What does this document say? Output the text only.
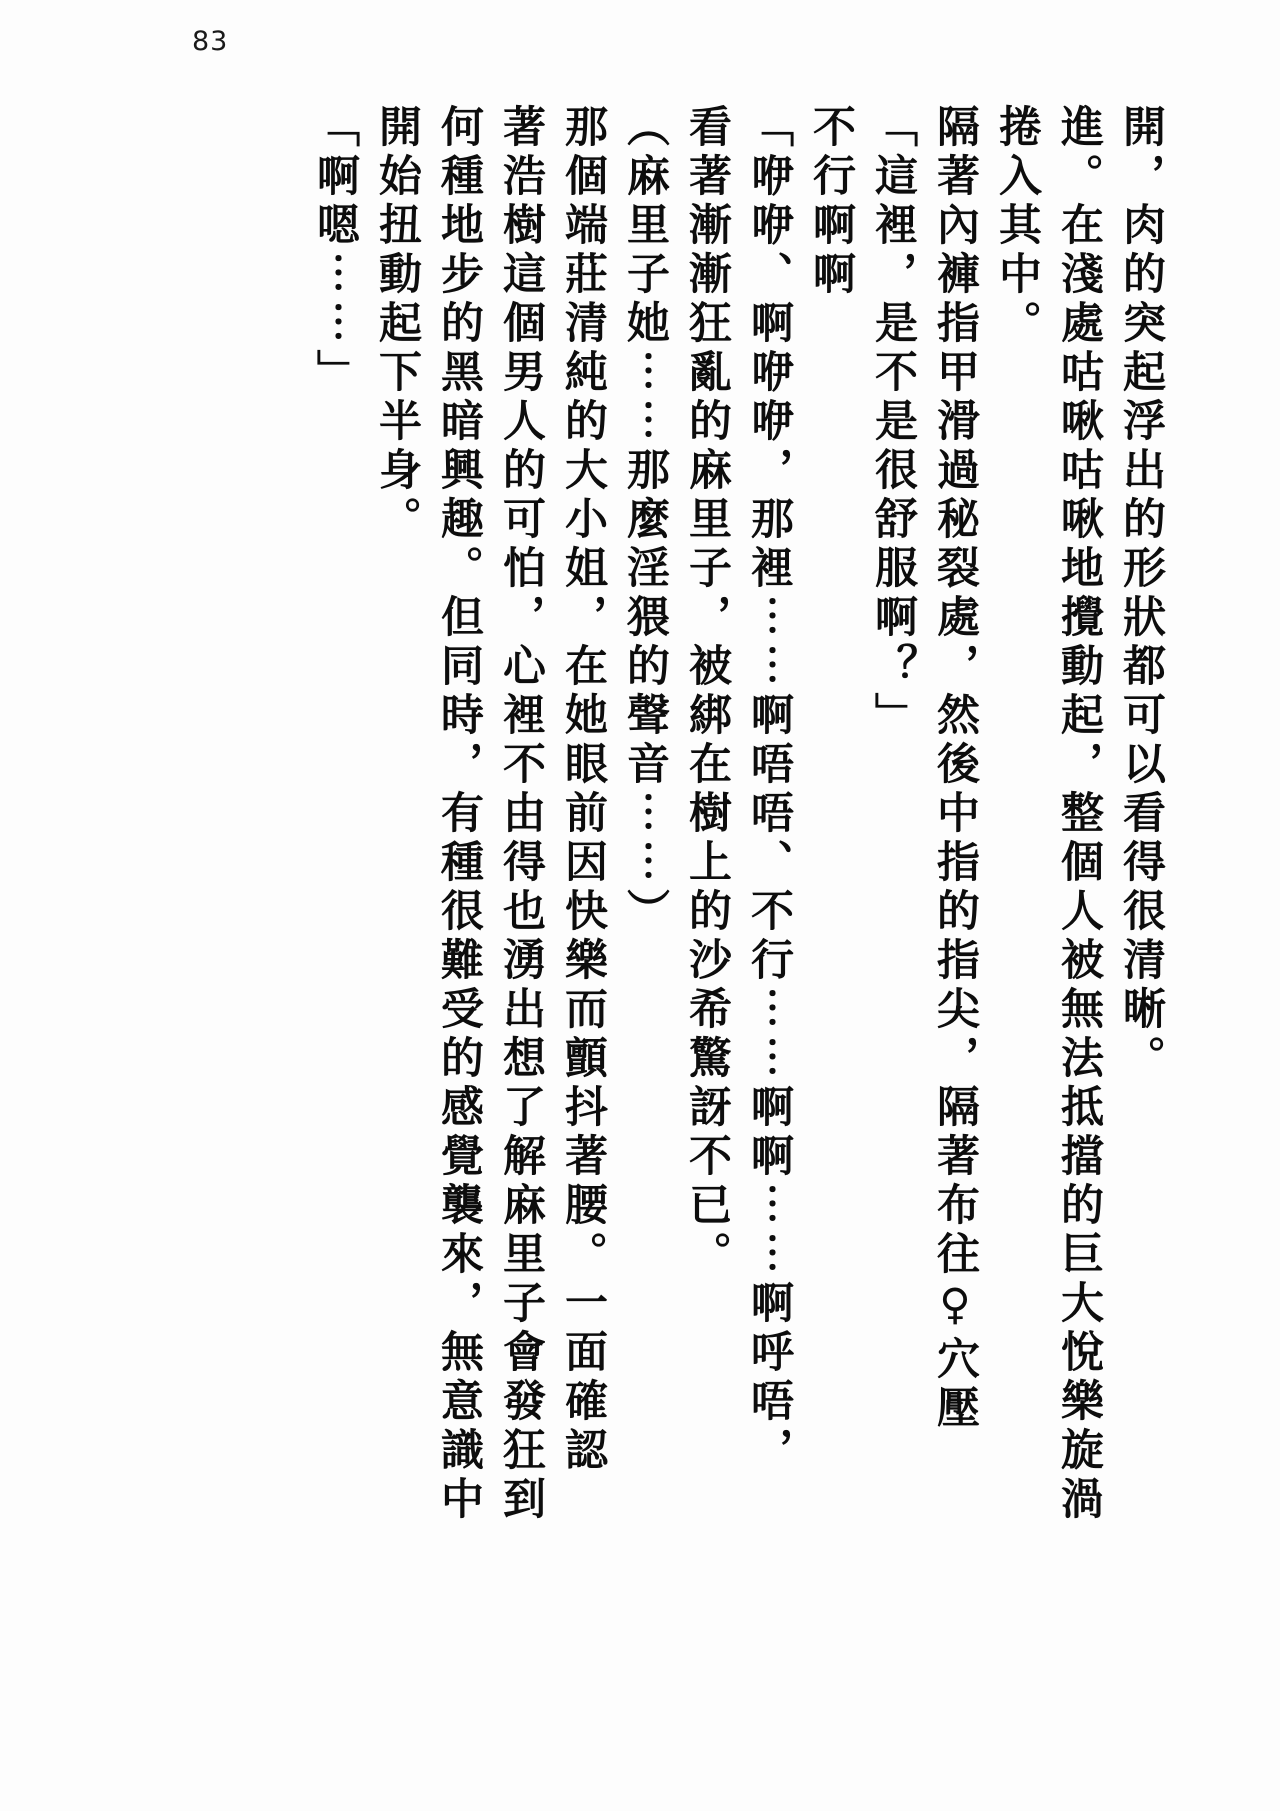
83
開，肉的突起浮出的形狀都可以看得很清晰。
進。在淺處咕啾咕啾地攪動起，整個人被無法抵擋的巨大悅樂旋渦
捲入其中。
隔著內褲指甲滑過秘裂處，然後中指的指尖，隔著布往♀穴壓
「這裡，是不是很舒服啊？」
不行啊啊
「咿咿、啊咿咿，那裡⋯⋯啊唔唔、不行⋯⋯啊啊⋯⋯啊呼唔，
看著漸漸狂亂的麻里子，被綁在樹上的沙希驚訝不已。
（麻里子她⋯⋯那麼淫猥的聲音⋯⋯）
那個端莊清純的大小姐，在她眼前因快樂而顫抖著腰。一面確認
著浩樹這個男人的可怕，心裡不由得也湧出想了解麻里子會發狂到
何種地步的黑暗興趣。但同時，有種很難受的感覺襲來，無意識中
開始扭動起下半身。
「啊嗯⋯⋯」
